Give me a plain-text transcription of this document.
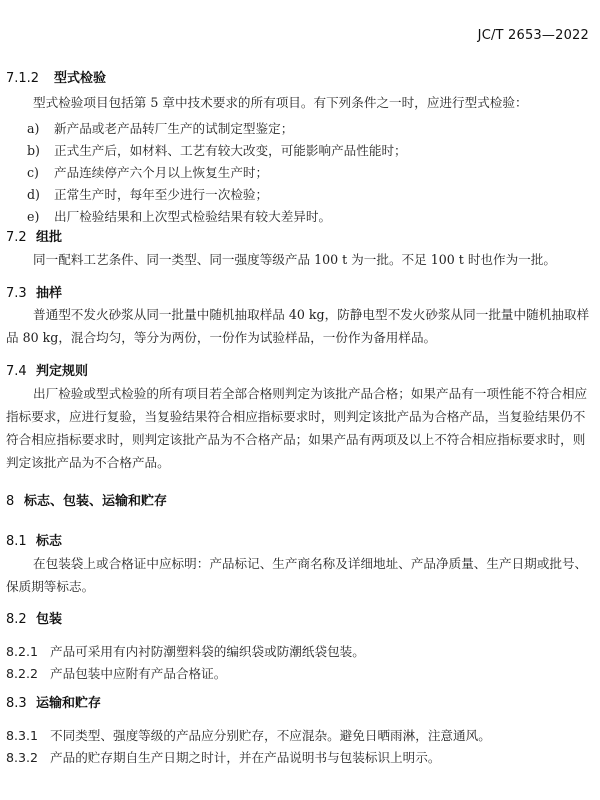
JC/T 2653—2022
7.1.2 型式检验
型式检验项目包括第 5 章中技术要求的所有项目。有下列条件之一时，应进行型式检验：
a) 新产品或老产品转厂生产的试制定型鉴定；
b) 正式生产后，如材料、工艺有较大改变，可能影响产品性能时；
c) 产品连续停产六个月以上恢复生产时；
d) 正常生产时，每年至少进行一次检验；
e) 出厂检验结果和上次型式检验结果有较大差异时。
7.2 组批
同一配料工艺条件、同一类型、同一强度等级产品 100 t 为一批。不足 100 t 时也作为一批。
7.3 抽样
普通型不发火砂浆从同一批量中随机抽取样品 40 kg，防静电型不发火砂浆从同一批量中随机抽取样品 80 kg，混合均匀，等分为两份，一份作为试验样品，一份作为备用样品。
7.4 判定规则
出厂检验或型式检验的所有项目若全部合格则判定为该批产品合格；如果产品有一项性能不符合相应指标要求，应进行复验，当复验结果符合相应指标要求时，则判定该批产品为合格产品，当复验结果仍不符合相应指标要求时，则判定该批产品为不合格产品；如果产品有两项及以上不符合相应指标要求时，则判定该批产品为不合格产品。
8 标志、包装、运输和贮存
8.1 标志
在包装袋上或合格证中应标明：产品标记、生产商名称及详细地址、产品净质量、生产日期或批号、保质期等标志。
8.2 包装
8.2.1 产品可采用有内衬防潮塑料袋的编织袋或防潮纸袋包装。
8.2.2 产品包装中应附有产品合格证。
8.3 运输和贮存
8.3.1 不同类型、强度等级的产品应分别贮存，不应混杂。避免日晒雨淋，注意通风。
8.3.2 产品的贮存期自生产日期之时计，并在产品说明书与包装标识上明示。
